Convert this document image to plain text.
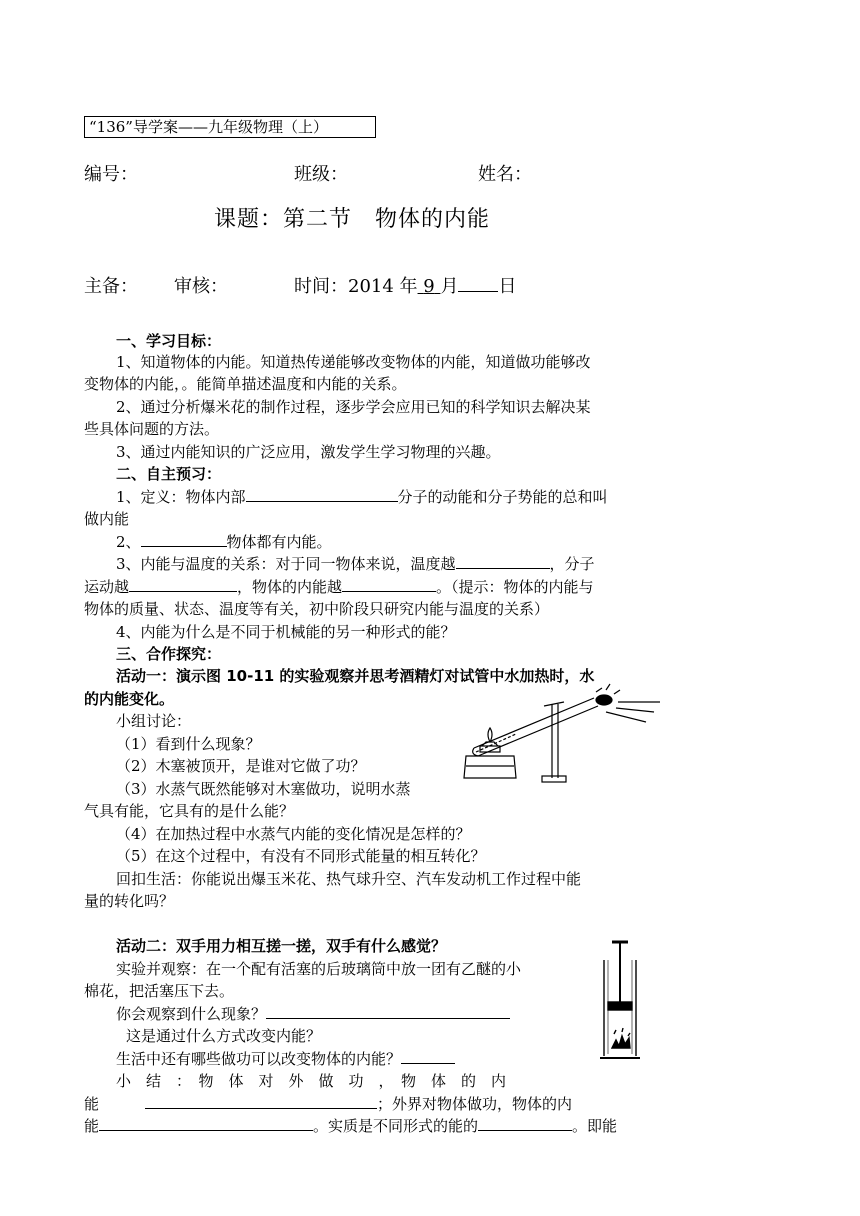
“136”导学案——九年级物理（上）
编号：	班级：	姓名：
课题：第二节　物体的内能
主备： 审核：	时间：2014 年 9 月 日
一、学习目标：
1、知道物体的内能。知道热传递能够改变物体的内能，知道做功能够改
变物体的内能，。能简单描述温度和内能的关系。
2、通过分析爆米花的制作过程，逐步学会应用已知的科学知识去解决某
些具体问题的方法。
3、通过内能知识的广泛应用，激发学生学习物理的兴趣。
二、自主预习：
1、定义：物体内部	分子的动能和分子势能的总和叫
做内能
2、	物体都有内能。
3、内能与温度的关系：对于同一物体来说，温度越	，分子
运动越	，物体的内能越	。（提示：物体的内能与
物体的质量、状态、温度等有关，初中阶段只研究内能与温度的关系）
4、内能为什么是不同于机械能的另一种形式的能？
三、合作探究：
活动一：演示图 10-11 的实验观察并思考酒精灯对试管中水加热时，水
的内能变化。
小组讨论：
（1）看到什么现象？
（2）木塞被顶开，是谁对它做了功？
（3）水蒸气既然能够对木塞做功，说明水蒸
气具有能，它具有的是什么能？
（4）在加热过程中水蒸气内能的变化情况是怎样的？
（5）在这个过程中，有没有不同形式能量的相互转化？
回扣生活：你能说出爆玉米花、热气球升空、汽车发动机工作过程中能
量的转化吗？
活动二：双手用力相互搓一搓，双手有什么感觉？
实验并观察：在一个配有活塞的后玻璃筒中放一团有乙醚的小
棉花，把活塞压下去。
你会观察到什么现象？
这是通过什么方式改变内能？
生活中还有哪些做功可以改变物体的内能？
小　结　：　物　体　对　外　做　功　，　物　体　的　内
能	；外界对物体做功，物体的内
能	。实质是不同形式的能的	。即能
